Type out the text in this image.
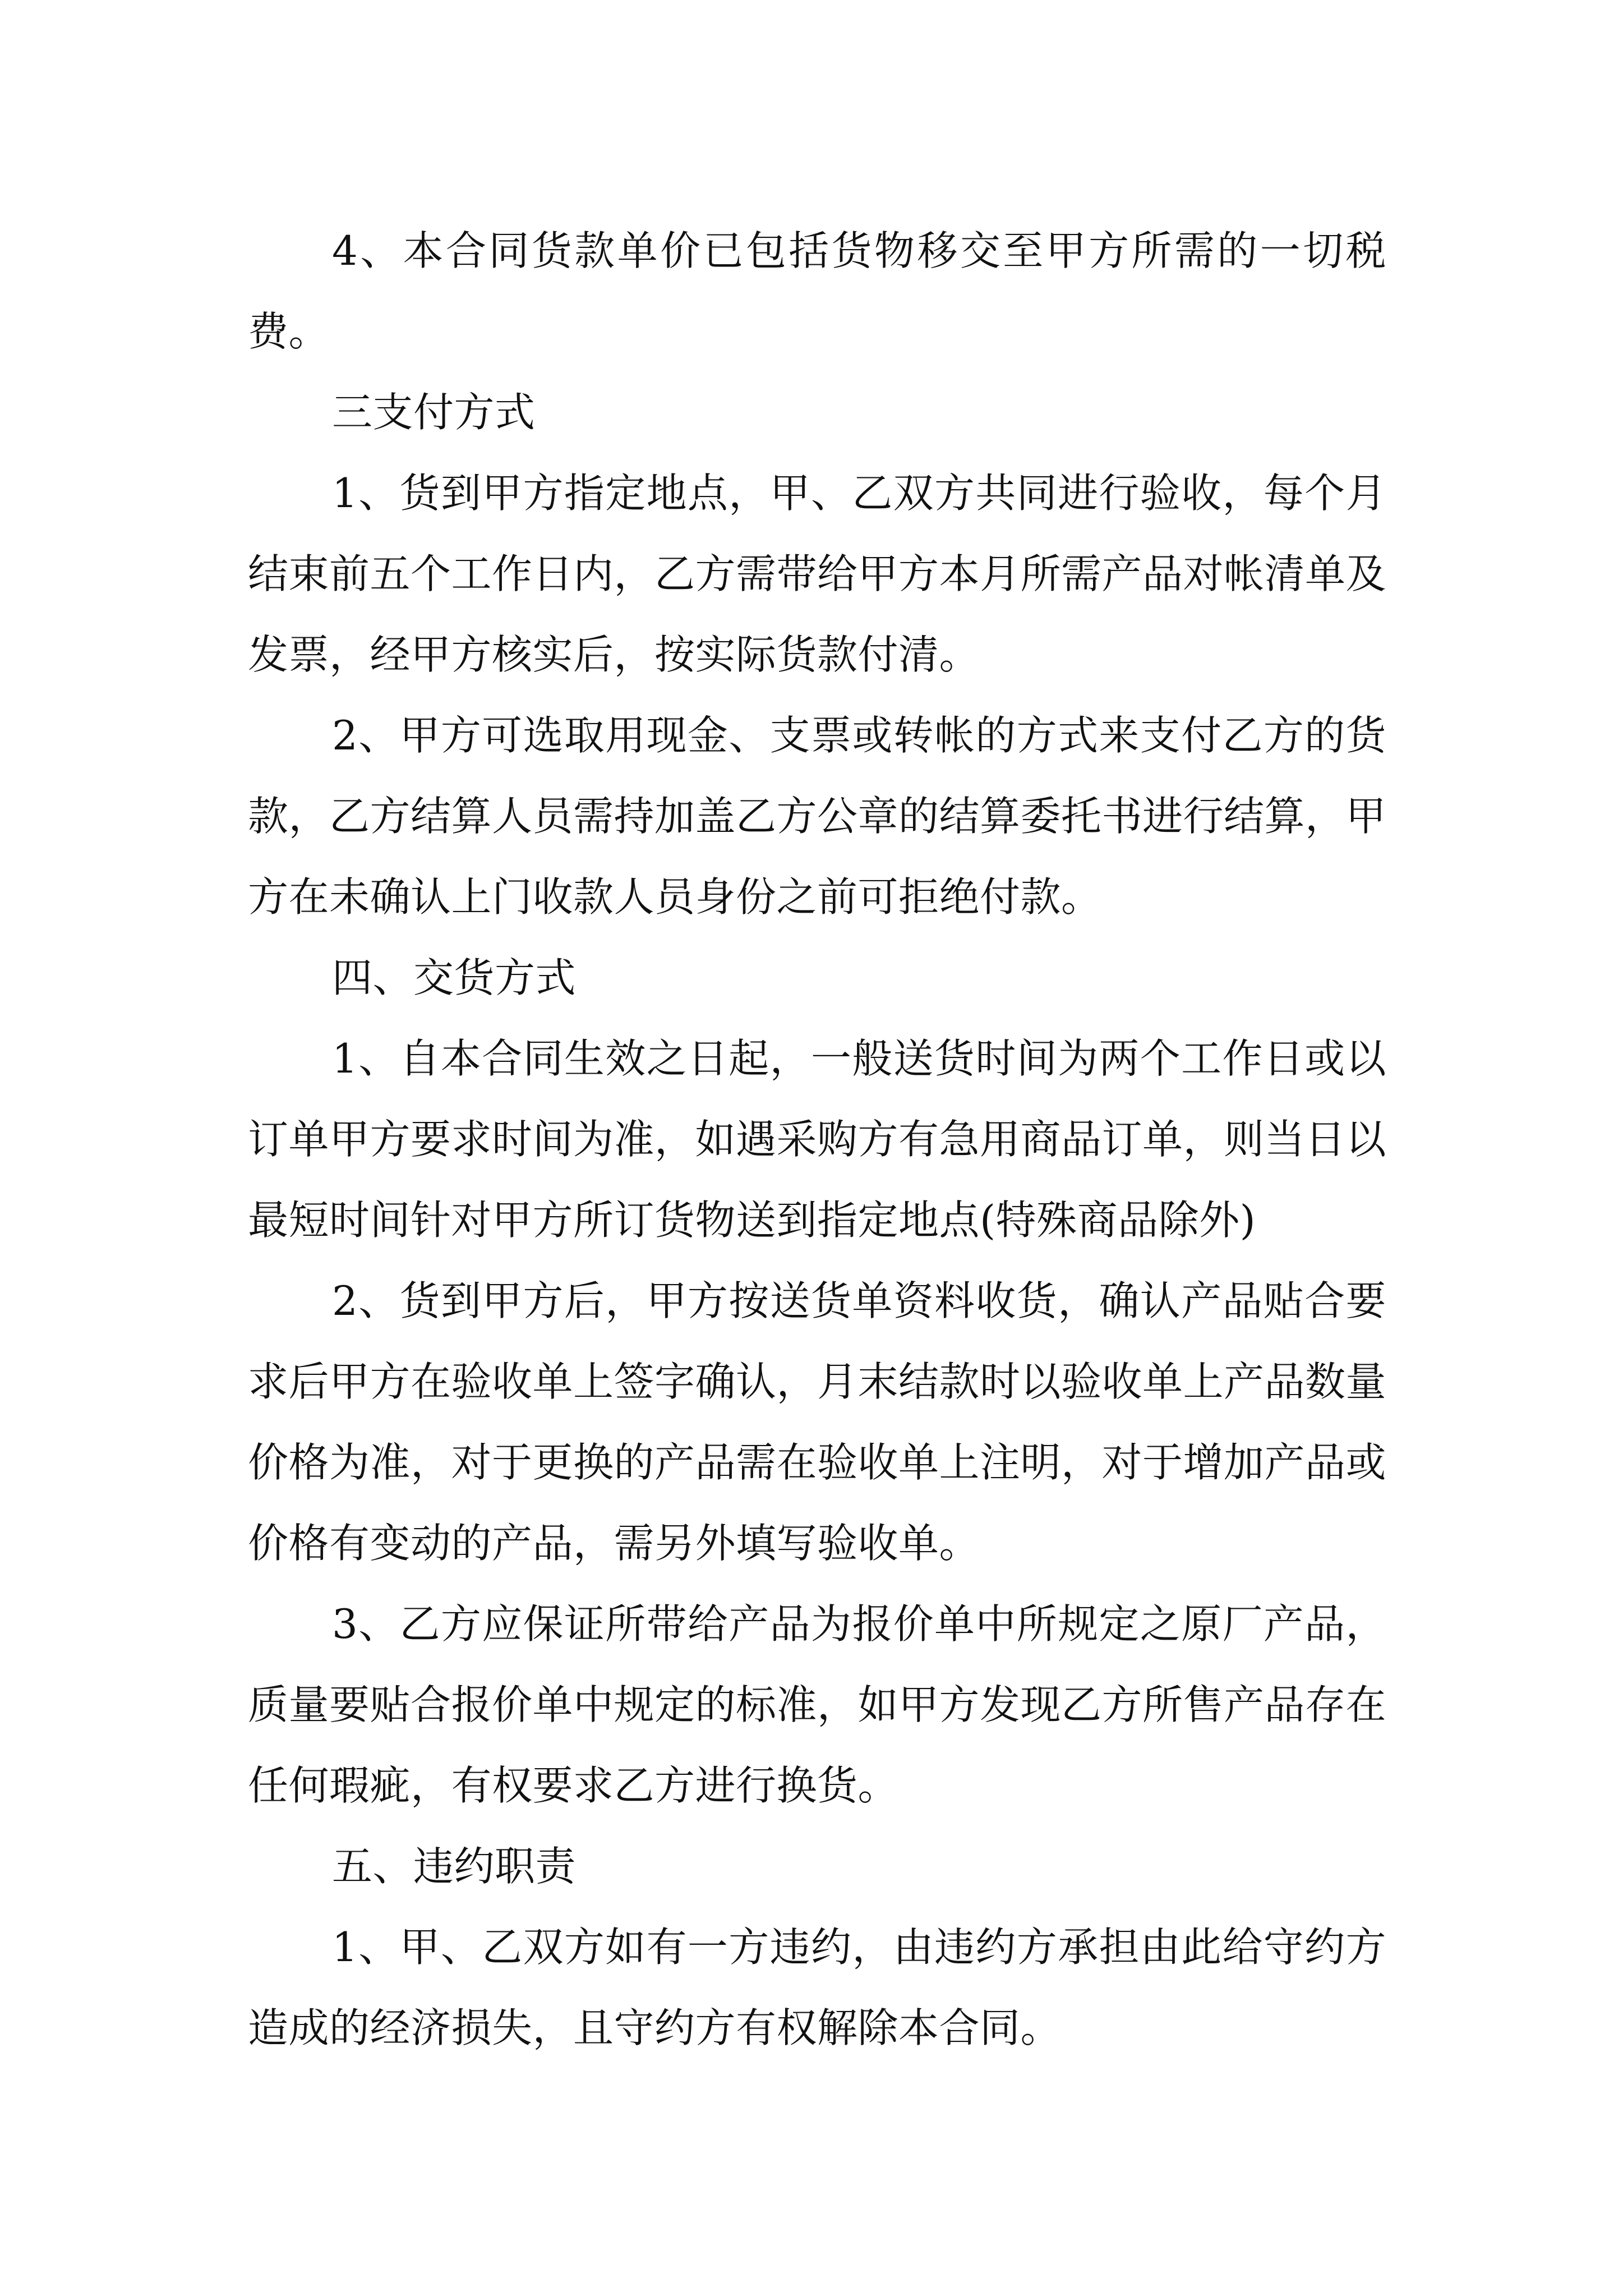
4、本合同货款单价已包括货物移交至甲方所需的一切税费。

三支付方式

1、货到甲方指定地点，甲、乙双方共同进行验收，每个月结束前五个工作日内，乙方需带给甲方本月所需产品对帐清单及发票，经甲方核实后，按实际货款付清。

2、甲方可选取用现金、支票或转帐的方式来支付乙方的货款，乙方结算人员需持加盖乙方公章的结算委托书进行结算，甲方在未确认上门收款人员身份之前可拒绝付款。

四、交货方式

1、自本合同生效之日起，一般送货时间为两个工作日或以订单甲方要求时间为准，如遇采购方有急用商品订单，则当日以最短时间针对甲方所订货物送到指定地点(特殊商品除外)

2、货到甲方后，甲方按送货单资料收货，确认产品贴合要求后甲方在验收单上签字确认，月末结款时以验收单上产品数量价格为准，对于更换的产品需在验收单上注明，对于增加产品或价格有变动的产品，需另外填写验收单。

3、乙方应保证所带给产品为报价单中所规定之原厂产品，质量要贴合报价单中规定的标准，如甲方发现乙方所售产品存在任何瑕疵，有权要求乙方进行换货。

五、违约职责

1、甲、乙双方如有一方违约，由违约方承担由此给守约方造成的经济损失，且守约方有权解除本合同。
